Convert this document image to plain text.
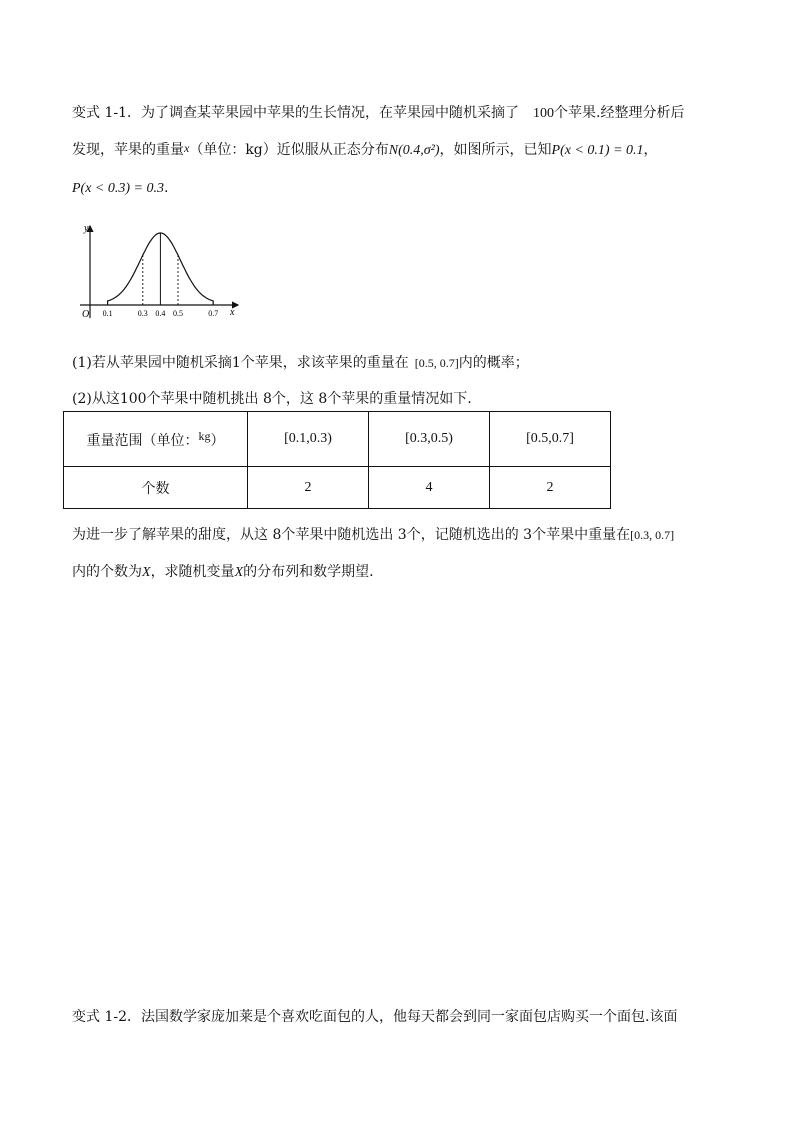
变式 1-1．为了调查某苹果园中苹果的生长情况，在苹果园中随机采摘了 100个苹果.经整理分析后
发现，苹果的重量x（单位：kg）近似服从正态分布N(0.4,σ²)，如图所示，已知P(x < 0.1) = 0.1，
P(x < 0.3) = 0.3.
0.1	0.3 0.4 0.5	0.7
y
x
O
(1)若从苹果园中随机采摘1个苹果，求该苹果的重量在 [0.5, 0.7]内的概率；
(2)从这100个苹果中随机挑出 8个，这 8个苹果的重量情况如下.
重量范围（单位：kg）	[0.1,0.3)	[0.3,0.5)	[0.5,0.7]
个数	2	4	2
为进一步了解苹果的甜度，从这 8个苹果中随机选出 3个，记随机选出的 3个苹果中重量在[0.3, 0.7]
内的个数为X，求随机变量X的分布列和数学期望.
变式 1-2．法国数学家庞加莱是个喜欢吃面包的人，他每天都会到同一家面包店购买一个面包.该面
